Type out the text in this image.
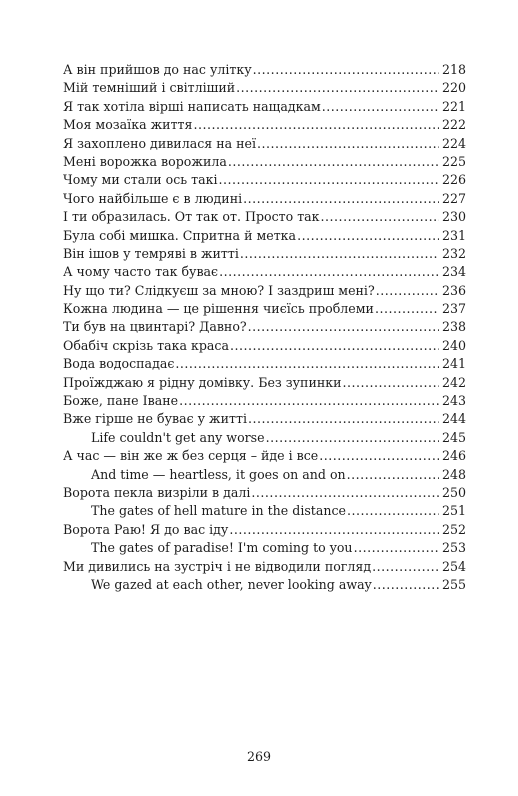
А він прийшов до нас улітку .....	218
Мій темніший і світліший .....	220
Я так хотіла вірші написать нащадкам .....	221
Моя мозаїка життя .....	222
Я захоплено дивилася на неї .....	224
Мені ворожка ворожила .....	225
Чому ми стали ось такі .....	226
Чого найбільше є в людині .....	227
І ти образилась. От так от. Просто так .....	230
Була собі мишка. Спритна й метка .....	231
Він ішов у темряві в житті .....	232
А чому часто так буває .....	234
Ну що ти? Слідкуєш за мною? І заздриш мені? .....	236
Кожна людина — це рішення чиєїсь проблеми .....	237
Ти був на цвинтарі? Давно? .....	238
Обабіч скрізь така краса .....	240
Вода водоспадає .....	241
Проїжджаю я рідну домівку. Без зупинки .....	242
Боже, пане Іване .....	243
Вже гірше не буває у житті .....	244
Life couldn't get any worse .....	245
А час — він же ж без серця – йде і все .....	246
And time — heartless, it goes on and on .....	248
Ворота пекла визріли в далі .....	250
The gates of hell mature in the distance .....	251
Ворота Раю! Я до вас іду .....	252
The gates of paradise! I'm coming to you .....	253
Ми дивились на зустріч і не відводили погляд .....	254
We gazed at each other, never looking away .....	255
269
